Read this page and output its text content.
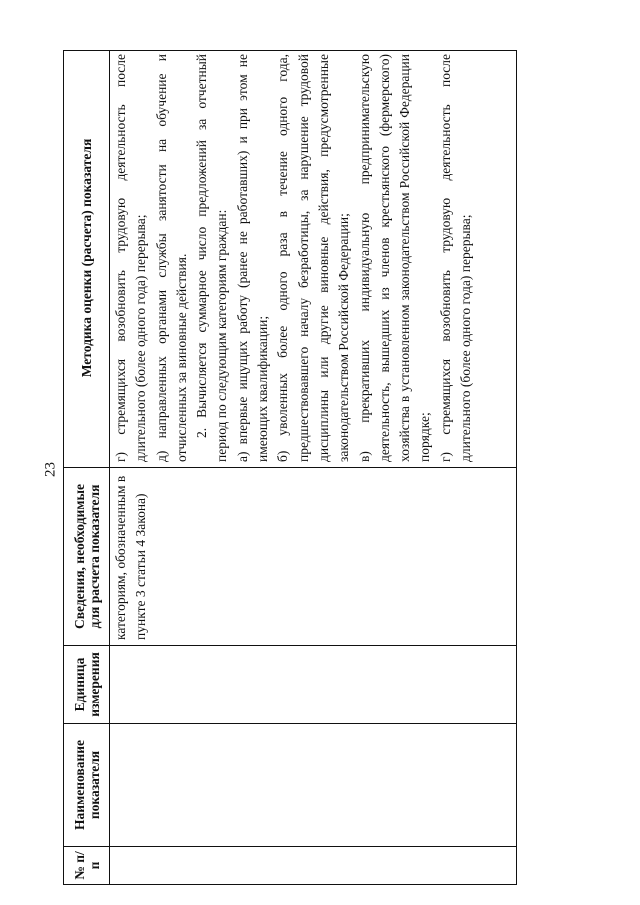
23
№ п/п
Наименование показателя
Единица измерения
Сведения, необходимые для расчета показателя
Методика оценки (расчета) показателя
категориям, обозначенным в пункте 3 статьи 4 Закона)

г) стремящихся возобновить трудовую деятельность после длительного (более одного года) перерыва; д) направленных органами службы занятости на обучение и отчисленных за виновные действия. 2. Вычисляется суммарное число предложений за отчетный период по следующим категориям граждан: а) впервые ищущих работу (ранее не работавших) и при этом не имеющих квалификации; б) уволенных более одного раза в течение одного года, предшествовавшего началу безработицы, за нарушение трудовой дисциплины или другие виновные действия, предусмотренные законодательством Российской Федерации; в) прекративших индивидуальную предпринимательскую деятельность, вышедших из членов крестьянского (фермерского) хозяйства в установленном законодательством Российской Федерации порядке; г) стремящихся возобновить трудовую деятельность после длительного (более одного года) перерыва;
